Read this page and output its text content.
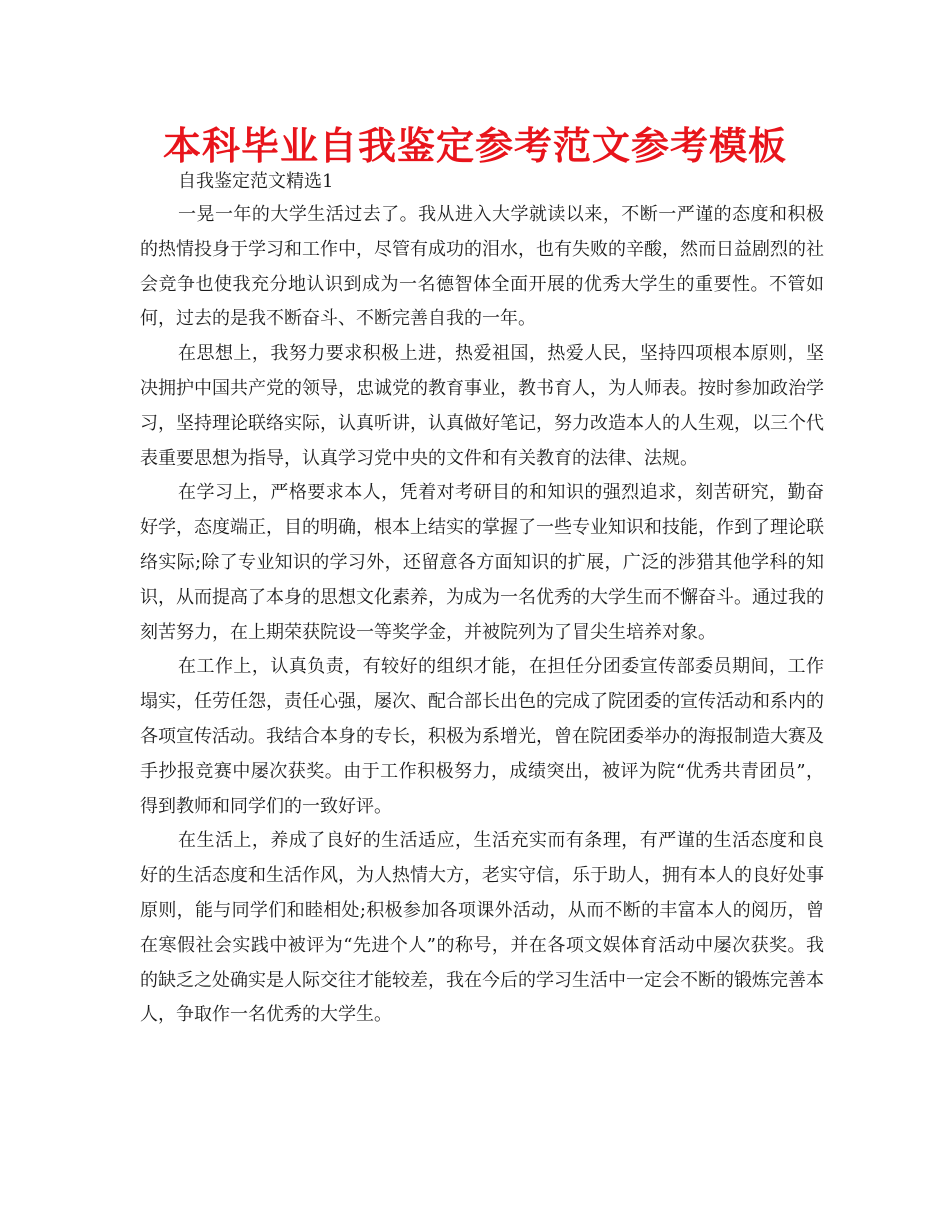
本科毕业自我鉴定参考范文参考模板
自我鉴定范文精选1

一晃一年的大学生活过去了。我从进入大学就读以来，不断一严谨的态度和积极的热情投身于学习和工作中，尽管有成功的泪水，也有失败的辛酸，然而日益剧烈的社会竞争也使我充分地认识到成为一名德智体全面开展的优秀大学生的重要性。不管如何，过去的是我不断奋斗、不断完善自我的一年。

在思想上，我努力要求积极上进，热爱祖国，热爱人民，坚持四项根本原则，坚决拥护中国共产党的领导，忠诚党的教育事业，教书育人，为人师表。按时参加政治学习，坚持理论联络实际，认真听讲，认真做好笔记，努力改造本人的人生观，以三个代表重要思想为指导，认真学习党中央的文件和有关教育的法律、法规。

在学习上，严格要求本人，凭着对考研目的和知识的强烈追求，刻苦研究，勤奋好学，态度端正，目的明确，根本上结实的掌握了一些专业知识和技能，作到了理论联络实际;除了专业知识的学习外，还留意各方面知识的扩展，广泛的涉猎其他学科的知识，从而提高了本身的思想文化素养，为成为一名优秀的大学生而不懈奋斗。通过我的刻苦努力，在上期荣获院设一等奖学金，并被院列为了冒尖生培养对象。

在工作上，认真负责，有较好的组织才能，在担任分团委宣传部委员期间，工作塌实，任劳任怨，责任心强，屡次、配合部长出色的完成了院团委的宣传活动和系内的各项宣传活动。我结合本身的专长，积极为系增光，曾在院团委举办的海报制造大赛及手抄报竞赛中屡次获奖。由于工作积极努力，成绩突出，被评为院“优秀共青团员”，得到教师和同学们的一致好评。

在生活上，养成了良好的生活适应，生活充实而有条理，有严谨的生活态度和良好的生活态度和生活作风，为人热情大方，老实守信，乐于助人，拥有本人的良好处事原则，能与同学们和睦相处;积极参加各项课外活动，从而不断的丰富本人的阅历，曾在寒假社会实践中被评为“先进个人”的称号，并在各项文娱体育活动中屡次获奖。我的缺乏之处确实是人际交往才能较差，我在今后的学习生活中一定会不断的锻炼完善本人，争取作一名优秀的大学生。
